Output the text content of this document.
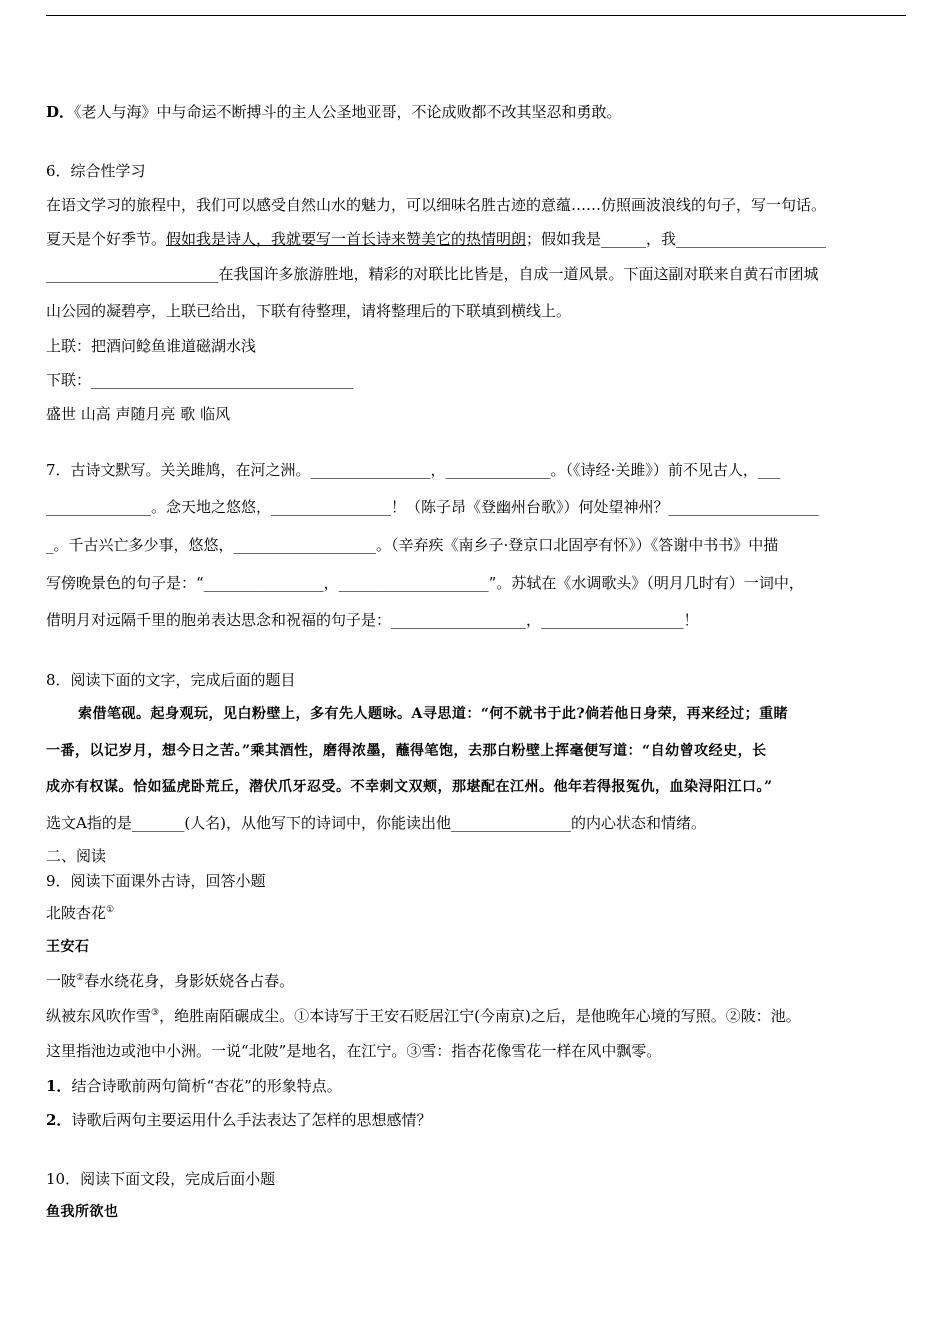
D．《老人与海》中与命运不断搏斗的主人公圣地亚哥，不论成败都不改其坚忍和勇敢。
6．综合性学习
在语文学习的旅程中，我们可以感受自然山水的魅力，可以细味名胜古迹的意蕴……仿照画波浪线的句子，写一句话。
夏天是个好季节。假如我是诗人，我就要写一首长诗来赞美它的热情明朗；假如我是______，我____________________
_______________________在我国许多旅游胜地，精彩的对联比比皆是，自成一道风景。下面这副对联来自黄石市团城
山公园的凝碧亭，上联已给出，下联有待整理，请将整理后的下联填到横线上。
上联：把酒问鲶鱼谁道磁湖水浅
下联：___________________________________
盛世 山高 声随月亮 歌 临风
7．古诗文默写。关关雎鸠，在河之洲。________________，______________。（《诗经·关雎》）前不见古人，___
______________。念天地之悠悠，________________！（陈子昂《登幽州台歌》）何处望神州？____________________
_。千古兴亡多少事，悠悠，___________________。（辛弃疾《南乡子·登京口北固亭有怀》）《答谢中书书》中描
写傍晚景色的句子是：“________________，____________________”。苏轼在《水调歌头》（明月几时有）一词中，
借明月对远隔千里的胞弟表达思念和祝福的句子是：__________________，___________________！
8．阅读下面的文字，完成后面的题目
索借笔砚。起身观玩，见白粉壁上，多有先人题咏。A寻思道：“何不就书于此?倘若他日身荣，再来经过；重睹
一番，以记岁月，想今日之苦。”乘其酒性，磨得浓墨，蘸得笔饱，去那白粉壁上挥毫便写道：“自幼曾攻经史，长
成亦有权谋。恰如猛虎卧荒丘，潜伏爪牙忍受。不幸刺文双颊，那堪配在江州。他年若得报冤仇，血染浔阳江口。”
选文A指的是_______(人名)，从他写下的诗词中，你能读出他________________的内心状态和情绪。
二、阅读
9．阅读下面课外古诗，回答小题
北陂杏花①
王安石
一陂②春水绕花身，身影妖娆各占春。
纵被东风吹作雪③，绝胜南陌碾成尘。①本诗写于王安石贬居江宁(今南京)之后，是他晚年心境的写照。②陂：池。
这里指池边或池中小洲。一说“北陂”是地名，在江宁。③雪：指杏花像雪花一样在风中飘零。
1．结合诗歌前两句简析“杏花”的形象特点。
2．诗歌后两句主要运用什么手法表达了怎样的思想感情？
10．阅读下面文段，完成后面小题
鱼我所欲也
